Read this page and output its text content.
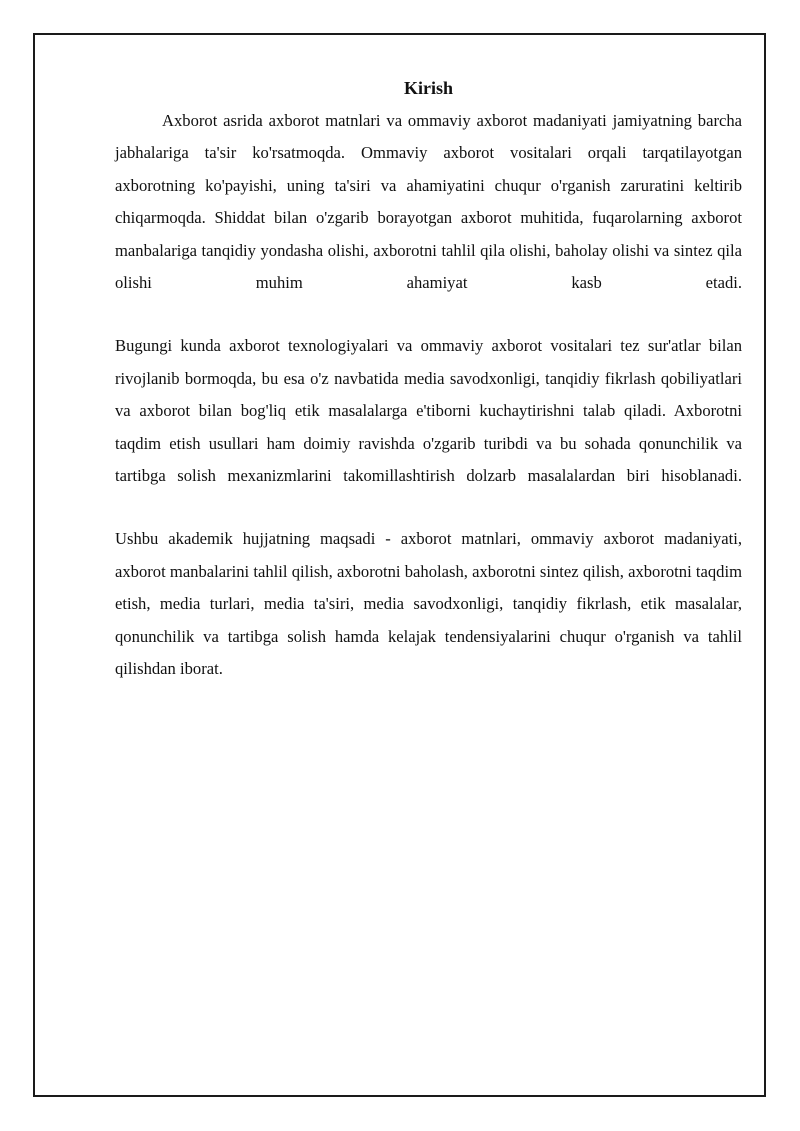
Kirish

Axborot asrida axborot matnlari va ommaviy axborot madaniyati jamiyatning barcha jabhalariga ta'sir ko'rsatmoqda. Ommaviy axborot vositalari orqali tarqatilayotgan axborotning ko'payishi, uning ta'siri va ahamiyatini chuqur o'rganish zaruratini keltirib chiqarmoqda. Shiddat bilan o'zgarib borayotgan axborot muhitida, fuqarolarning axborot manbalariga tanqidiy yondasha olishi, axborotni tahlil qila olishi, baholay olishi va sintez qila olishi muhim ahamiyat kasb etadi.

Bugungi kunda axborot texnologiyalari va ommaviy axborot vositalari tez sur'atlar bilan rivojlanib bormoqda, bu esa o'z navbatida media savodxonligi, tanqidiy fikrlash qobiliyatlari va axborot bilan bog'liq etik masalalarga e'tiborni kuchaytirishni talab qiladi. Axborotni taqdim etish usullari ham doimiy ravishda o'zgarib turibdi va bu sohada qonunchilik va tartibga solish mexanizmlarini takomillashtirish dolzarb masalalardan biri hisoblanadi.

Ushbu akademik hujjatning maqsadi - axborot matnlari, ommaviy axborot madaniyati, axborot manbalarini tahlil qilish, axborotni baholash, axborotni sintez qilish, axborotni taqdim etish, media turlari, media ta'siri, media savodxonligi, tanqidiy fikrlash, etik masalalar, qonunchilik va tartibga solish hamda kelajak tendensiyalarini chuqur o'rganish va tahlil qilishdan iborat.
